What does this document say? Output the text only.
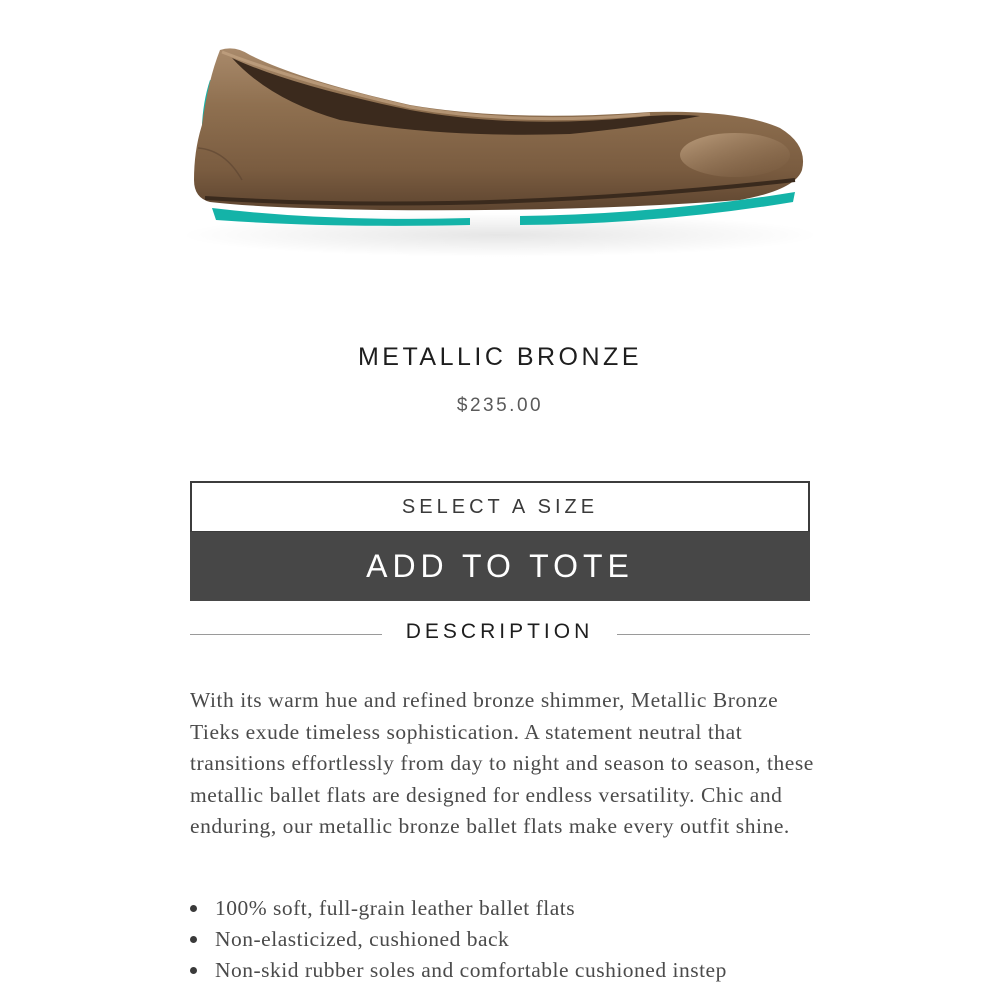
METALLIC BRONZE
$235.00
SELECT A SIZE
ADD TO TOTE
DESCRIPTION

With its warm hue and refined bronze shimmer, Metallic Bronze Tieks exude timeless sophistication. A statement neutral that transitions effortlessly from day to night and season to season, these metallic ballet flats are designed for endless versatility. Chic and enduring, our metallic bronze ballet flats make every outfit shine.

100% soft, full-grain leather ballet flats
Non-elasticized, cushioned back
Non-skid rubber soles and comfortable cushioned instep
